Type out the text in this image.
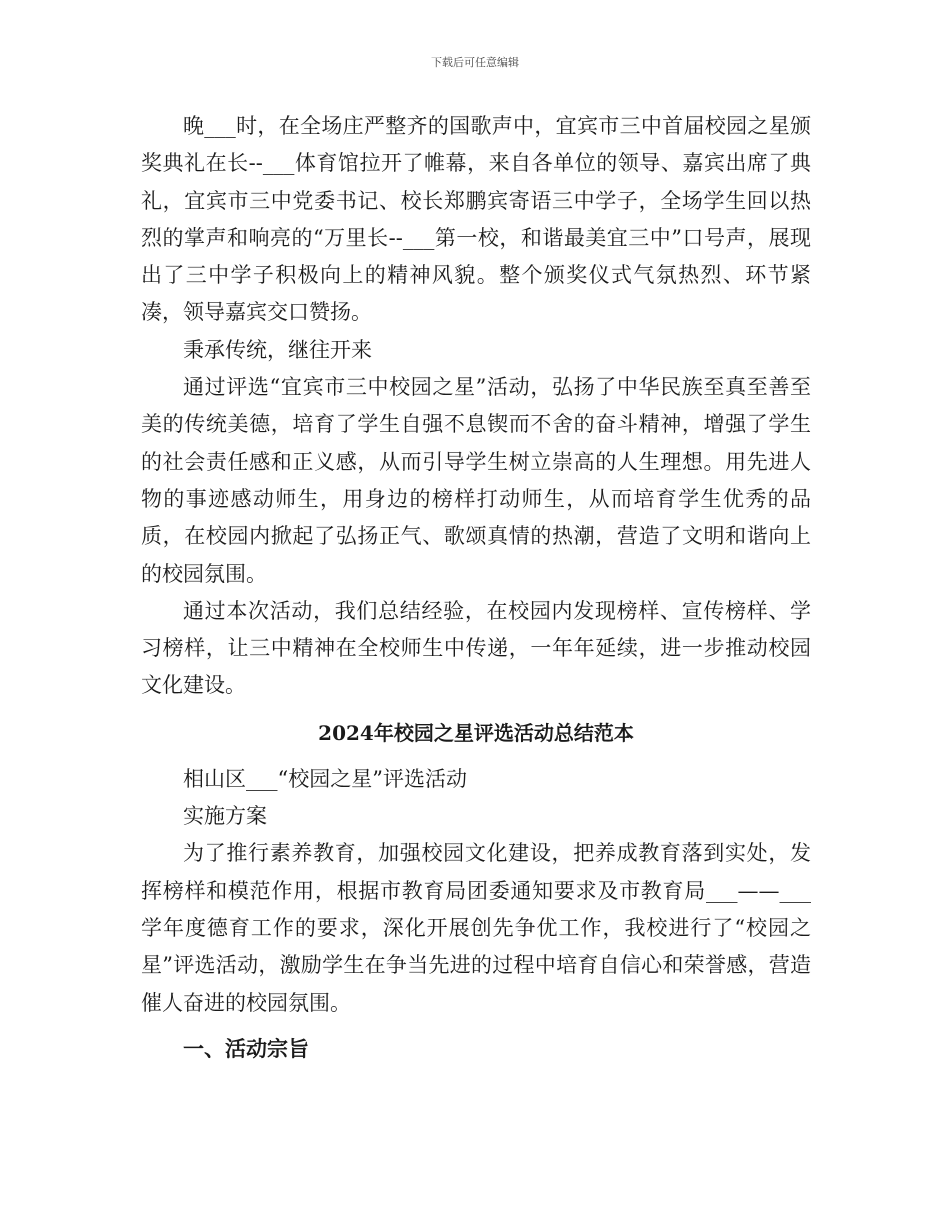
下载后可任意编辑

晚___时，在全场庄严整齐的国歌声中，宜宾市三中首届校园之星颁奖典礼在长--___体育馆拉开了帷幕，来自各单位的领导、嘉宾出席了典礼，宜宾市三中党委书记、校长郑鹏宾寄语三中学子，全场学生回以热烈的掌声和响亮的“万里长--___第一校，和谐最美宜三中”口号声，展现出了三中学子积极向上的精神风貌。整个颁奖仪式气氛热烈、环节紧凑，领导嘉宾交口赞扬。

秉承传统，继往开来

通过评选“宜宾市三中校园之星”活动，弘扬了中华民族至真至善至美的传统美德，培育了学生自强不息锲而不舍的奋斗精神，增强了学生的社会责任感和正义感，从而引导学生树立崇高的人生理想。用先进人物的事迹感动师生，用身边的榜样打动师生，从而培育学生优秀的品质，在校园内掀起了弘扬正气、歌颂真情的热潮，营造了文明和谐向上的校园氛围。

通过本次活动，我们总结经验，在校园内发现榜样、宣传榜样、学习榜样，让三中精神在全校师生中传递，一年年延续，进一步推动校园文化建设。

2024年校园之星评选活动总结范本

相山区___“校园之星”评选活动

实施方案

为了推行素养教育，加强校园文化建设，把养成教育落到实处，发挥榜样和模范作用，根据市教育局团委通知要求及市教育局___——___学年度德育工作的要求，深化开展创先争优工作，我校进行了“校园之星”评选活动，激励学生在争当先进的过程中培育自信心和荣誉感，营造催人奋进的校园氛围。

一、活动宗旨
